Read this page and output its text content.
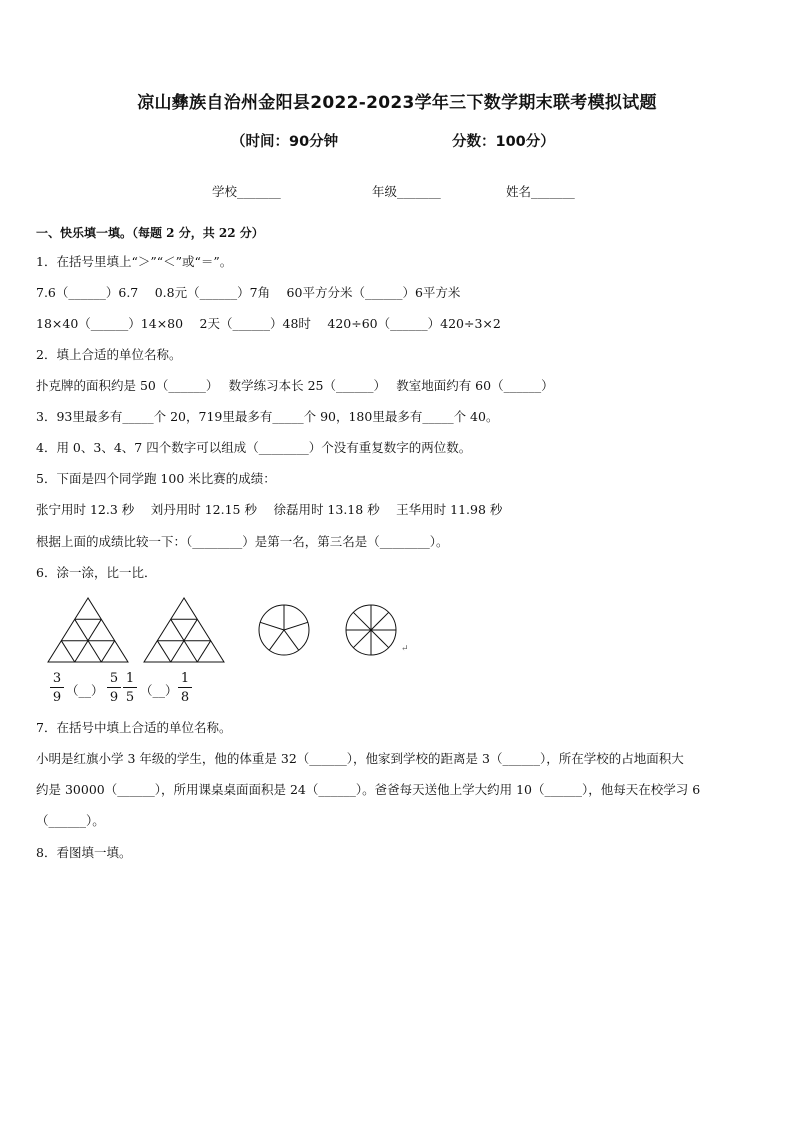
凉山彝族自治州金阳县2022-2023学年三下数学期末联考模拟试题
（时间：90分钟	分数：100分）
学校_______	年级_______	姓名_______
一、快乐填一填。（每题 2 分，共 22 分）
1．在括号里填上“＞”“＜”或“＝”。
7.6（______）6.7　 0.8元（______）7角　 60平方分米（______）6平方米
18×40（______）14×80　 2天（______）48时　 420÷60（______）420÷3×2
2．填上合适的单位名称。
扑克牌的面积约是 50（______）　 数学练习本长 25（______）　 教室地面约有 60（______）
3．93里最多有_____个 20，719里最多有_____个 90，180里最多有_____个 40。
4．用 0、3、4、7 四个数字可以组成（________）个没有重复数字的两位数。
5．下面是四个同学跑 100 米比赛的成绩：
张宁用时 12.3 秒　 刘丹用时 12.15 秒　 徐磊用时 13.18 秒　 王华用时 11.98 秒
根据上面的成绩比较一下：（________）是第一名，第三名是（________）。
6．涂一涂，比一比．
↵
$\frac{3}{9}$ （__） $\frac{5}{9} \frac{1}{5}$ （__） $\frac{1}{8}$
7．在括号中填上合适的单位名称。
小明是红旗小学 3 年级的学生，他的体重是 32（______），他家到学校的距离是 3（______），所在学校的占地面积大
约是 30000（______），所用课桌桌面面积是 24（______）。爸爸每天送他上学大约用 10（______），他每天在校学习 6
（______）。
8．看图填一填。
